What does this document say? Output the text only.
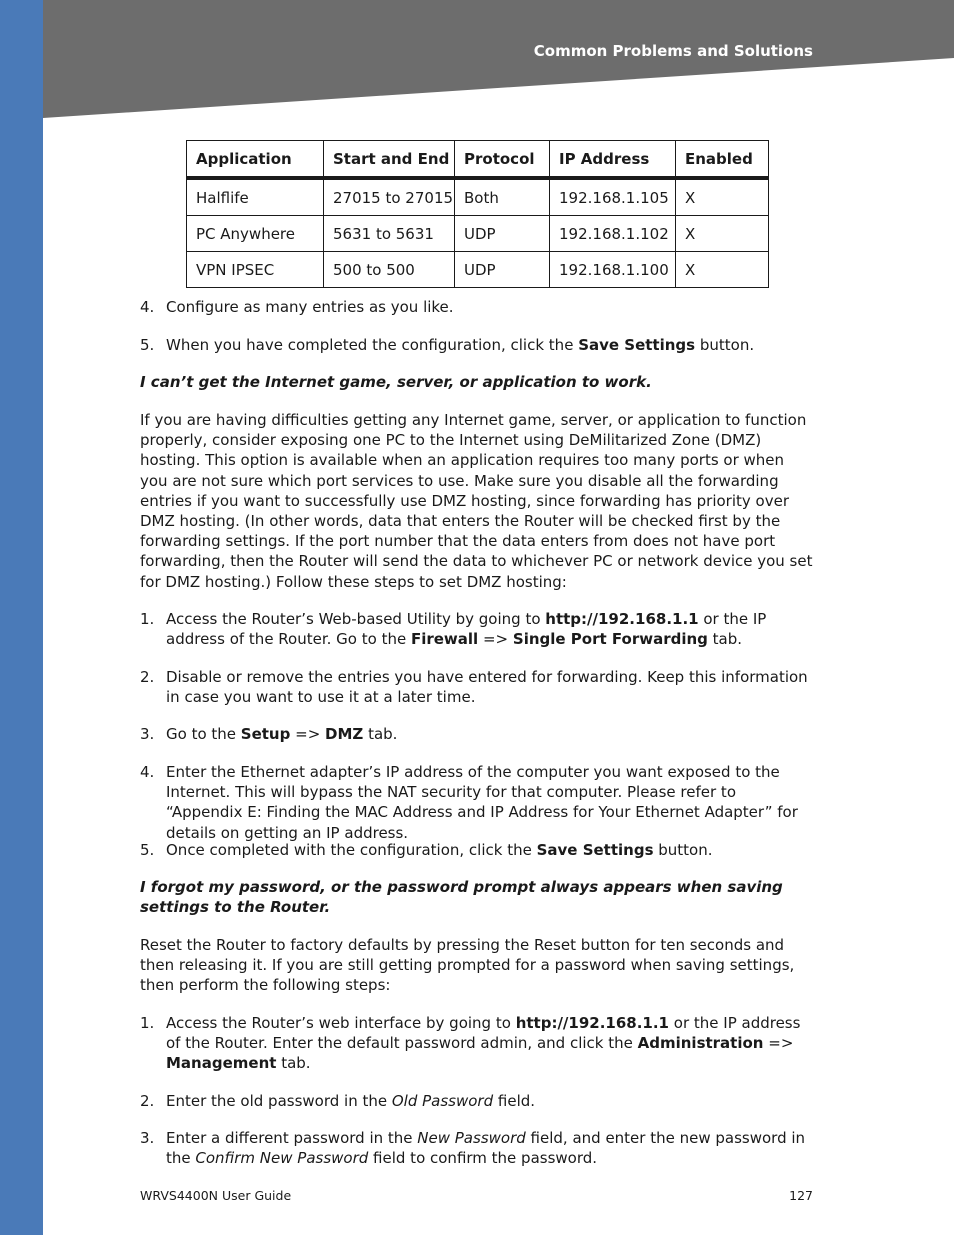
Common Problems and Solutions
Application	Start and End	Protocol	IP Address	Enabled
Halflife	27015 to 27015	Both	192.168.1.105	X
PC Anywhere	5631 to 5631	UDP	192.168.1.102	X
VPN IPSEC	500 to 500	UDP	192.168.1.100	X
4. Configure as many entries as you like.
5. When you have completed the configuration, click the Save Settings button.
I can’t get the Internet game, server, or application to work.
If you are having difficulties getting any Internet game, server, or application to function properly, consider exposing one PC to the Internet using DeMilitarized Zone (DMZ) hosting. This option is available when an application requires too many ports or when you are not sure which port services to use. Make sure you disable all the forwarding entries if you want to successfully use DMZ hosting, since forwarding has priority over DMZ hosting. (In other words, data that enters the Router will be checked first by the forwarding settings. If the port number that the data enters from does not have port forwarding, then the Router will send the data to whichever PC or network device you set for DMZ hosting.) Follow these steps to set DMZ hosting:
1. Access the Router’s Web-based Utility by going to http://192.168.1.1 or the IP address of the Router. Go to the Firewall => Single Port Forwarding tab.
2. Disable or remove the entries you have entered for forwarding. Keep this information in case you want to use it at a later time.
3. Go to the Setup => DMZ tab.
4. Enter the Ethernet adapter’s IP address of the computer you want exposed to the Internet. This will bypass the NAT security for that computer. Please refer to “Appendix E: Finding the MAC Address and IP Address for Your Ethernet Adapter” for details on getting an IP address.
5. Once completed with the configuration, click the Save Settings button.
I forgot my password, or the password prompt always appears when saving settings to the Router.
Reset the Router to factory defaults by pressing the Reset button for ten seconds and then releasing it. If you are still getting prompted for a password when saving settings, then perform the following steps:
1. Access the Router’s web interface by going to http://192.168.1.1 or the IP address of the Router. Enter the default password admin, and click the Administration => Management tab.
2. Enter the old password in the Old Password field.
3. Enter a different password in the New Password field, and enter the new password in the Confirm New Password field to confirm the password.
WRVS4400N User Guide	127
